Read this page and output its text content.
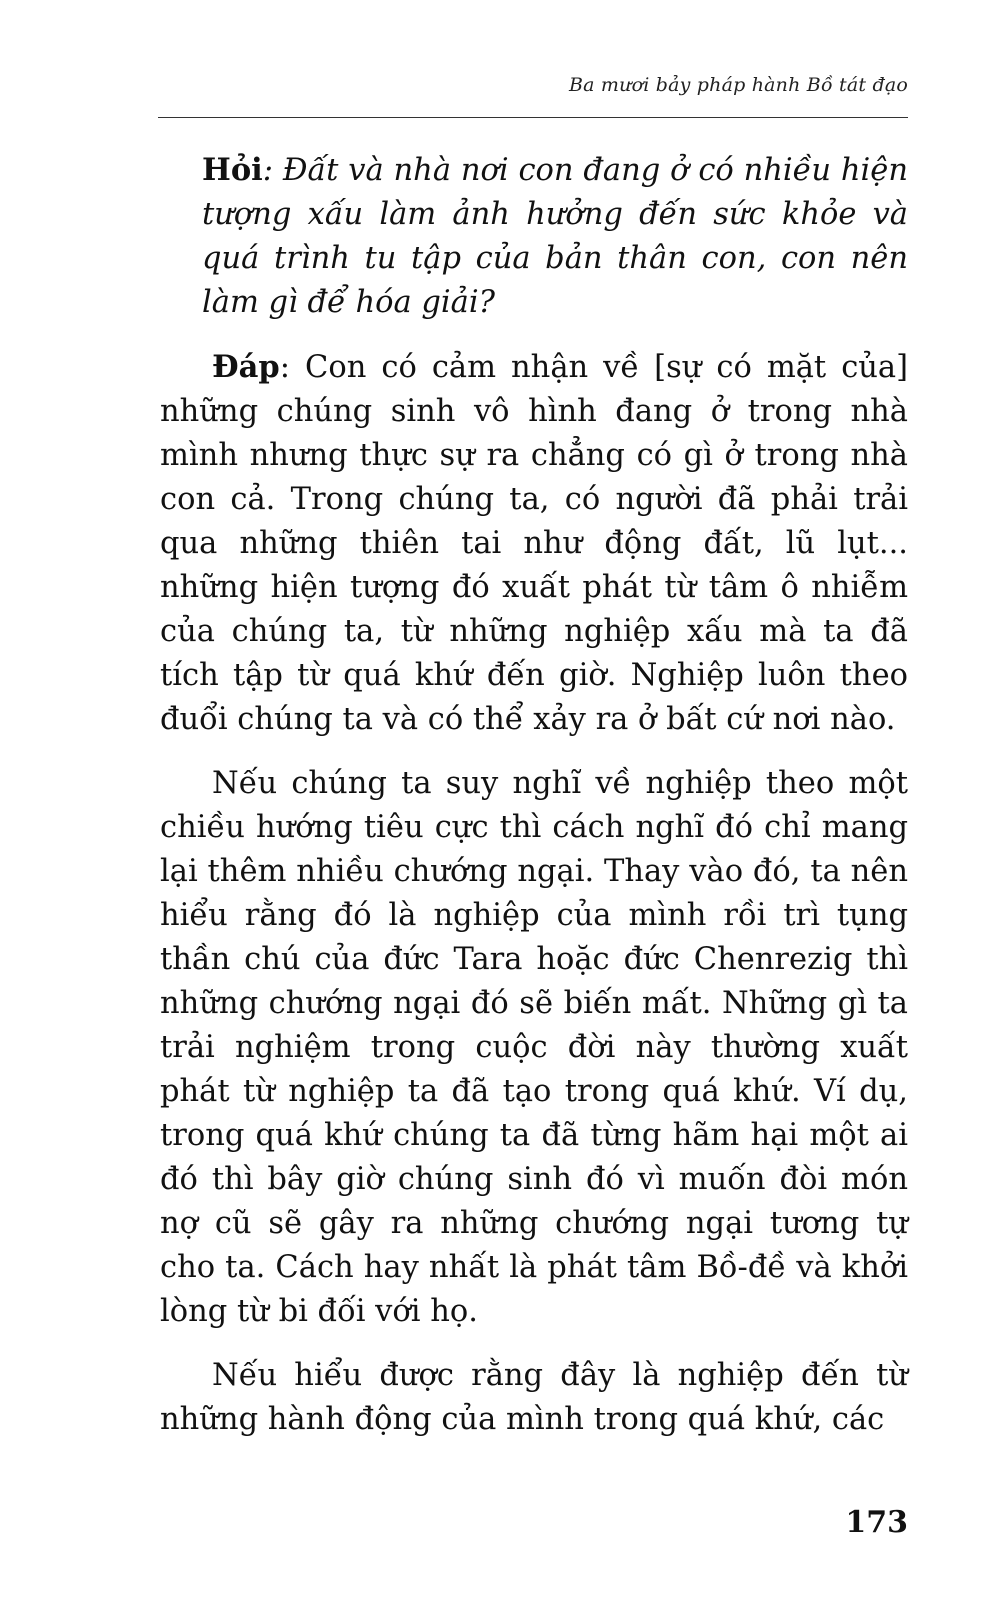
Ba mươi bảy pháp hành Bồ tát đạo

Hỏi: Đất và nhà nơi con đang ở có nhiều hiện tượng xấu làm ảnh hưởng đến sức khỏe và quá trình tu tập của bản thân con, con nên làm gì để hóa giải?

Đáp: Con có cảm nhận về [sự có mặt của] những chúng sinh vô hình đang ở trong nhà mình nhưng thực sự ra chẳng có gì ở trong nhà con cả. Trong chúng ta, có người đã phải trải qua những thiên tai như động đất, lũ lụt... những hiện tượng đó xuất phát từ tâm ô nhiễm của chúng ta, từ những nghiệp xấu mà ta đã tích tập từ quá khứ đến giờ. Nghiệp luôn theo đuổi chúng ta và có thể xảy ra ở bất cứ nơi nào.

Nếu chúng ta suy nghĩ về nghiệp theo một chiều hướng tiêu cực thì cách nghĩ đó chỉ mang lại thêm nhiều chướng ngại. Thay vào đó, ta nên hiểu rằng đó là nghiệp của mình rồi trì tụng thần chú của đức Tara hoặc đức Chenrezig thì những chướng ngại đó sẽ biến mất. Những gì ta trải nghiệm trong cuộc đời này thường xuất phát từ nghiệp ta đã tạo trong quá khứ. Ví dụ, trong quá khứ chúng ta đã từng hãm hại một ai đó thì bây giờ chúng sinh đó vì muốn đòi món nợ cũ sẽ gây ra những chướng ngại tương tự cho ta. Cách hay nhất là phát tâm Bồ-đề và khởi lòng từ bi đối với họ.

Nếu hiểu được rằng đây là nghiệp đến từ những hành động của mình trong quá khứ, các

173
